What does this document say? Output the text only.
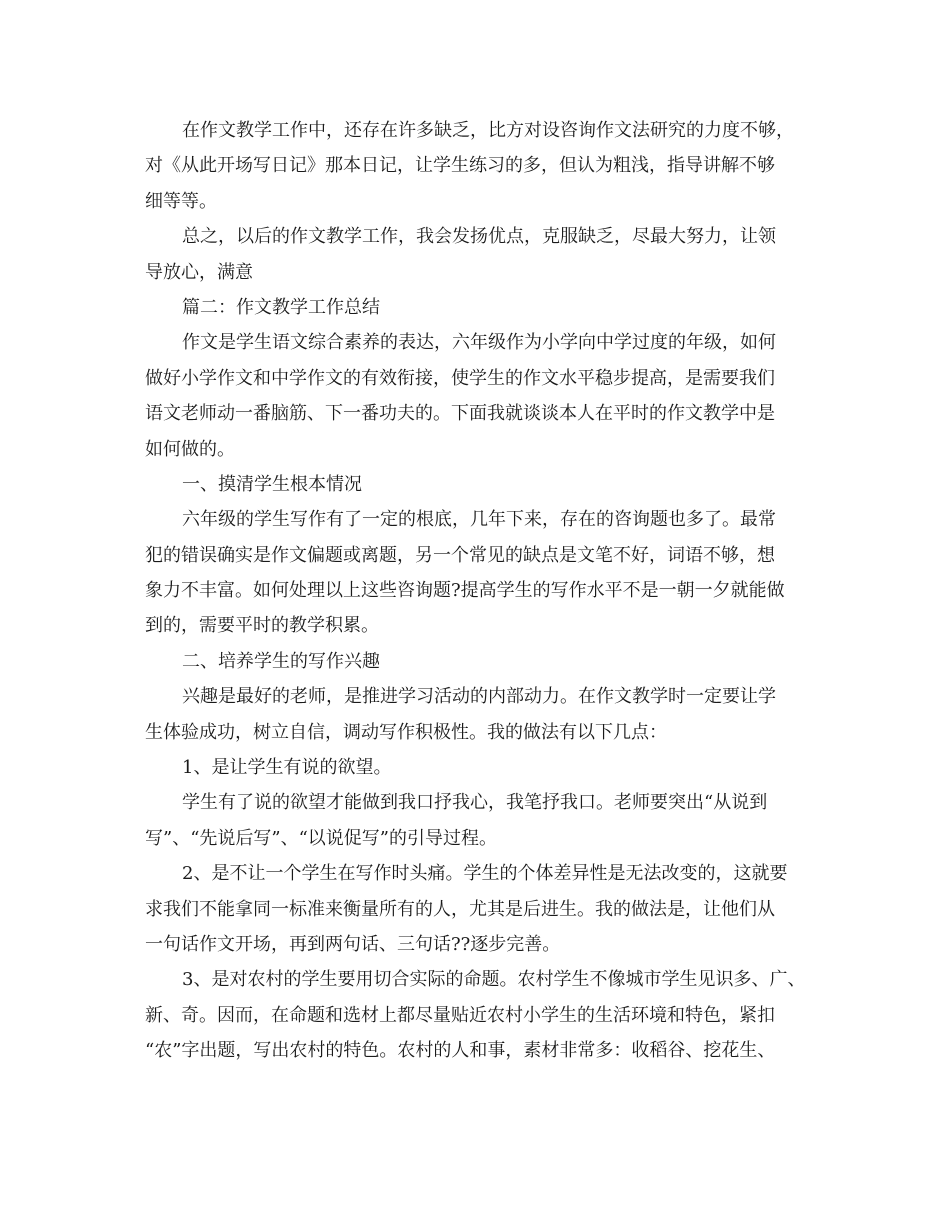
在作文教学工作中，还存在许多缺乏，比方对设咨询作文法研究的力度不够，
对《从此开场写日记》那本日记，让学生练习的多，但认为粗浅，指导讲解不够
细等等。
总之，以后的作文教学工作，我会发扬优点，克服缺乏，尽最大努力，让领
导放心，满意
篇二：作文教学工作总结
作文是学生语文综合素养的表达，六年级作为小学向中学过度的年级，如何
做好小学作文和中学作文的有效衔接，使学生的作文水平稳步提高，是需要我们
语文老师动一番脑筋、下一番功夫的。下面我就谈谈本人在平时的作文教学中是
如何做的。
一、摸清学生根本情况
六年级的学生写作有了一定的根底，几年下来，存在的咨询题也多了。最常
犯的错误确实是作文偏题或离题，另一个常见的缺点是文笔不好，词语不够，想
象力不丰富。如何处理以上这些咨询题?提高学生的写作水平不是一朝一夕就能做
到的，需要平时的教学积累。
二、培养学生的写作兴趣
兴趣是最好的老师，是推进学习活动的内部动力。在作文教学时一定要让学
生体验成功，树立自信，调动写作积极性。我的做法有以下几点：
1、是让学生有说的欲望。
学生有了说的欲望才能做到我口抒我心，我笔抒我口。老师要突出“从说到
写”、“先说后写”、“以说促写”的引导过程。
2、是不让一个学生在写作时头痛。学生的个体差异性是无法改变的，这就要
求我们不能拿同一标准来衡量所有的人，尤其是后进生。我的做法是，让他们从
一句话作文开场，再到两句话、三句话??逐步完善。
3、是对农村的学生要用切合实际的命题。农村学生不像城市学生见识多、广、
新、奇。因而，在命题和选材上都尽量贴近农村小学生的生活环境和特色，紧扣
“农”字出题，写出农村的特色。农村的人和事，素材非常多：收稻谷、挖花生、
